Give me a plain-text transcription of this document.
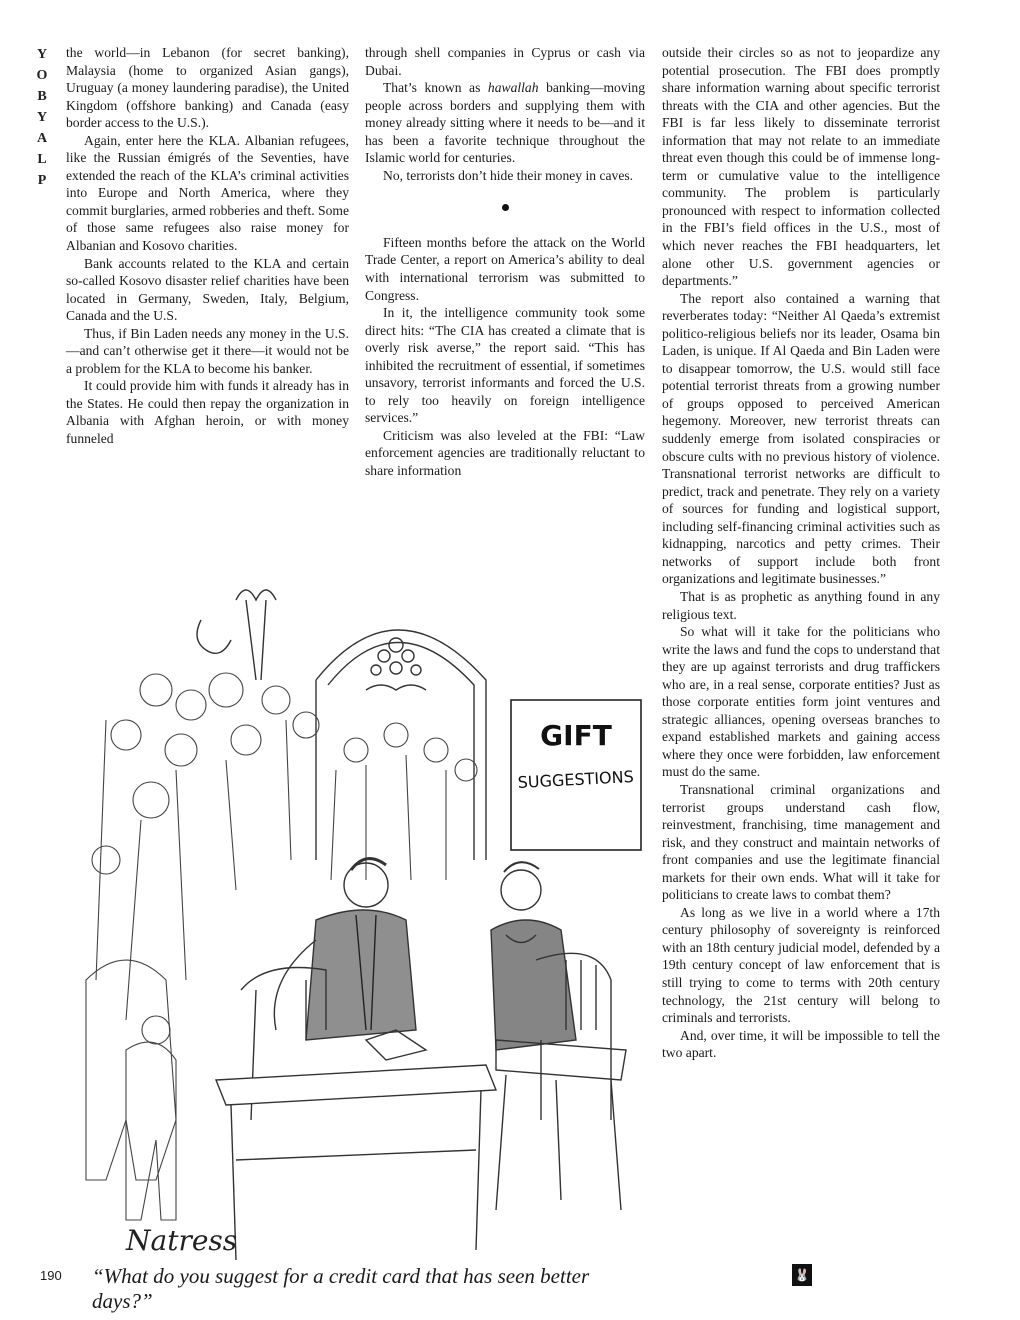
Y
O
B
Y
A
L
P

the world—in Lebanon (for secret banking), Malaysia (home to organized Asian gangs), Uruguay (a money laundering paradise), the United Kingdom (offshore banking) and Canada (easy border access to the U.S.).

Again, enter here the KLA. Albanian refugees, like the Russian émigrés of the Seventies, have extended the reach of the KLA’s criminal activities into Europe and North America, where they commit burglaries, armed robberies and theft. Some of those same refugees also raise money for Albanian and Kosovo charities.

Bank accounts related to the KLA and certain so-called Kosovo disaster relief charities have been located in Germany, Sweden, Italy, Belgium, Canada and the U.S.

Thus, if Bin Laden needs any money in the U.S.—and can’t otherwise get it there—it would not be a problem for the KLA to become his banker.

It could provide him with funds it already has in the States. He could then repay the organization in Albania with Afghan heroin, or with money funneled

through shell companies in Cyprus or cash via Dubai.

That’s known as hawallah banking—moving people across borders and supplying them with money already sitting where it needs to be—and it has been a favorite technique throughout the Islamic world for centuries.

No, terrorists don’t hide their money in caves.

Fifteen months before the attack on the World Trade Center, a report on America’s ability to deal with international terrorism was submitted to Congress.

In it, the intelligence community took some direct hits: “The CIA has created a climate that is overly risk averse,” the report said. “This has inhibited the recruitment of essential, if sometimes unsavory, terrorist informants and forced the U.S. to rely too heavily on foreign intelligence services.”

Criticism was also leveled at the FBI: “Law enforcement agencies are traditionally reluctant to share information

outside their circles so as not to jeopardize any potential prosecution. The FBI does promptly share information warning about specific terrorist threats with the CIA and other agencies. But the FBI is far less likely to disseminate terrorist information that may not relate to an immediate threat even though this could be of immense long-term or cumulative value to the intelligence community. The problem is particularly pronounced with respect to information collected in the FBI’s field offices in the U.S., most of which never reaches the FBI headquarters, let alone other U.S. government agencies or departments.”

The report also contained a warning that reverberates today: “Neither Al Qaeda’s extremist politico-religious beliefs nor its leader, Osama bin Laden, is unique. If Al Qaeda and Bin Laden were to disappear tomorrow, the U.S. would still face potential terrorist threats from a growing number of groups opposed to perceived American hegemony. Moreover, new terrorist threats can suddenly emerge from isolated conspiracies or obscure cults with no previous history of violence. Transnational terrorist networks are difficult to predict, track and penetrate. They rely on a variety of sources for funding and logistical support, including self-financing criminal activities such as kidnapping, narcotics and petty crimes. Their networks of support include both front organizations and legitimate businesses.”

That is as prophetic as anything found in any religious text.

So what will it take for the politicians who write the laws and fund the cops to understand that they are up against terrorists and drug traffickers who are, in a real sense, corporate entities? Just as those corporate entities form joint ventures and strategic alliances, opening overseas branches to expand established markets and gaining access where they once were forbidden, law enforcement must do the same.

Transnational criminal organizations and terrorist groups understand cash flow, reinvestment, franchising, time management and risk, and they construct and maintain networks of front companies and use the legitimate financial markets for their own ends. What will it take for politicians to create laws to combat them?

As long as we live in a world where a 17th century philosophy of sovereignty is reinforced with an 18th century judicial model, defended by a 19th century concept of law enforcement that is still trying to come to terms with 20th century technology, the 21st century will belong to criminals and terrorists.

And, over time, it will be impossible to tell the two apart.

GIFT
SUGGESTIONS
Natress
190 “What do you suggest for a credit card that has seen better days?”
🐰
